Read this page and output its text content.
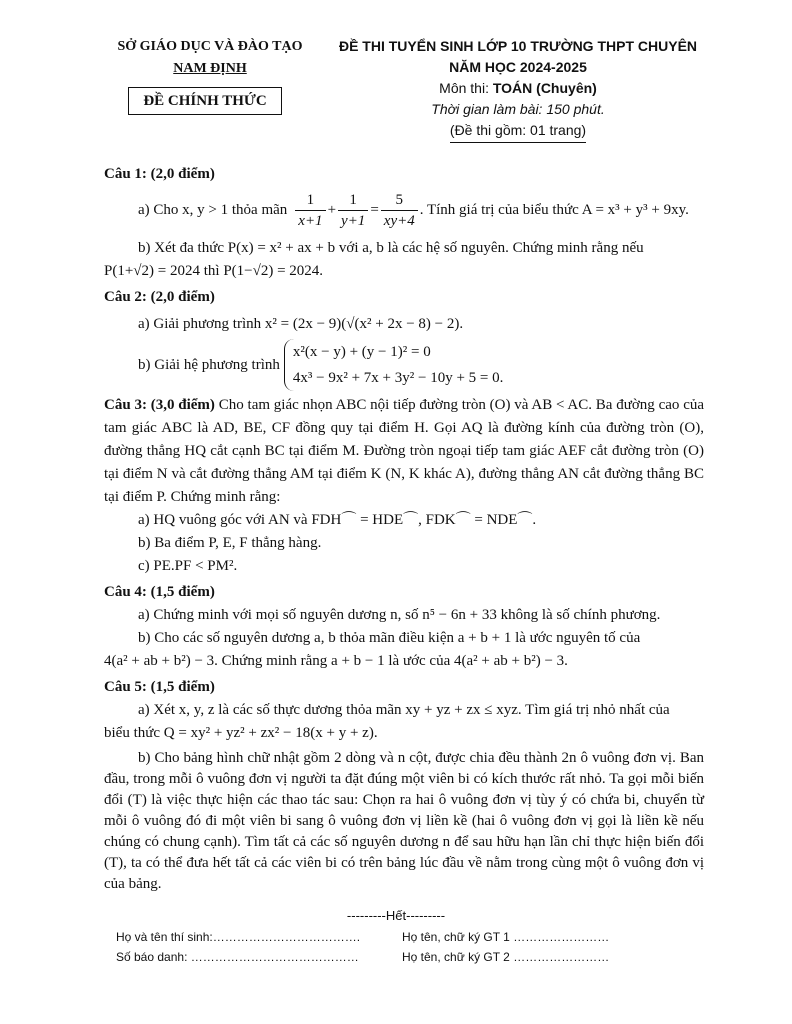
SỞ GIÁO DỤC VÀ ĐÀO TẠO
NAM ĐỊNH
ĐỀ CHÍNH THỨC
ĐỀ THI TUYỂN SINH LỚP 10 TRƯỜNG THPT CHUYÊN
NĂM HỌC 2024-2025
Môn thi: TOÁN (Chuyên)
Thời gian làm bài: 150 phút.
(Đề thi gồm: 01 trang)
Câu 1: (2,0 điểm)
a) Cho x, y > 1 thỏa mãn $\frac{1}{x+1} + \frac{1}{y+1} = \frac{5}{xy+4}$ . Tính giá trị của biểu thức A = x³ + y³ + 9xy.

b) Xét đa thức P(x) = x² + ax + b với a, b là các hệ số nguyên. Chứng minh rằng nếu

P(1+√2) = 2024 thì P(1−√2) = 2024.

Câu 2: (2,0 điểm)

a) Giải phương trình x² = (2x − 9)(√(x² + 2x − 8) − 2).

b) Giải hệ phương trình
x²(x − y) + (y − 1)² = 0
4x³ − 9x² + 7x + 3y² − 10y + 5 = 0.

Câu 3: (3,0 điểm) Cho tam giác nhọn ABC nội tiếp đường tròn (O) và AB < AC. Ba đường cao của tam giác ABC là AD, BE, CF đồng quy tại điểm H. Gọi AQ là đường kính của đường tròn (O), đường thẳng HQ cắt cạnh BC tại điểm M. Đường tròn ngoại tiếp tam giác AEF cắt đường tròn (O) tại điểm N và cắt đường thẳng AM tại điểm K (N, K khác A), đường thẳng AN cắt đường thẳng BC tại điểm P. Chứng minh rằng:

a) HQ vuông góc với AN và FDH⌒ = HDE⌒, FDK⌒ = NDE⌒.

b) Ba điểm P, E, F thẳng hàng.

c) PE.PF < PM².

Câu 4: (1,5 điểm)

a) Chứng minh với mọi số nguyên dương n, số n⁵ − 6n + 33 không là số chính phương.

b) Cho các số nguyên dương a, b thỏa mãn điều kiện a + b + 1 là ước nguyên tố của

4(a² + ab + b²) − 3. Chứng minh rằng a + b − 1 là ước của 4(a² + ab + b²) − 3.

Câu 5: (1,5 điểm)

a) Xét x, y, z là các số thực dương thỏa mãn xy + yz + zx ≤ xyz. Tìm giá trị nhỏ nhất của

biểu thức Q = xy² + yz² + zx² − 18(x + y + z).

b) Cho bảng hình chữ nhật gồm 2 dòng và n cột, được chia đều thành 2n ô vuông đơn vị. Ban đầu, trong mỗi ô vuông đơn vị người ta đặt đúng một viên bi có kích thước rất nhỏ. Ta gọi mỗi biến đổi (T) là việc thực hiện các thao tác sau: Chọn ra hai ô vuông đơn vị tùy ý có chứa bi, chuyển từ mỗi ô vuông đó đi một viên bi sang ô vuông đơn vị liền kề (hai ô vuông đơn vị gọi là liền kề nếu chúng có chung cạnh). Tìm tất cả các số nguyên dương n để sau hữu hạn lần chỉ thực hiện biến đổi (T), ta có thể đưa hết tất cả các viên bi có trên bảng lúc đầu về nằm trong cùng một ô vuông đơn vị của bảng.

---------Hết---------
Họ và tên thí sinh:……………………………….	Họ tên, chữ ký GT 1 ……………………
Số báo danh: ……………………………………	Họ tên, chữ ký GT 2 ……………………
